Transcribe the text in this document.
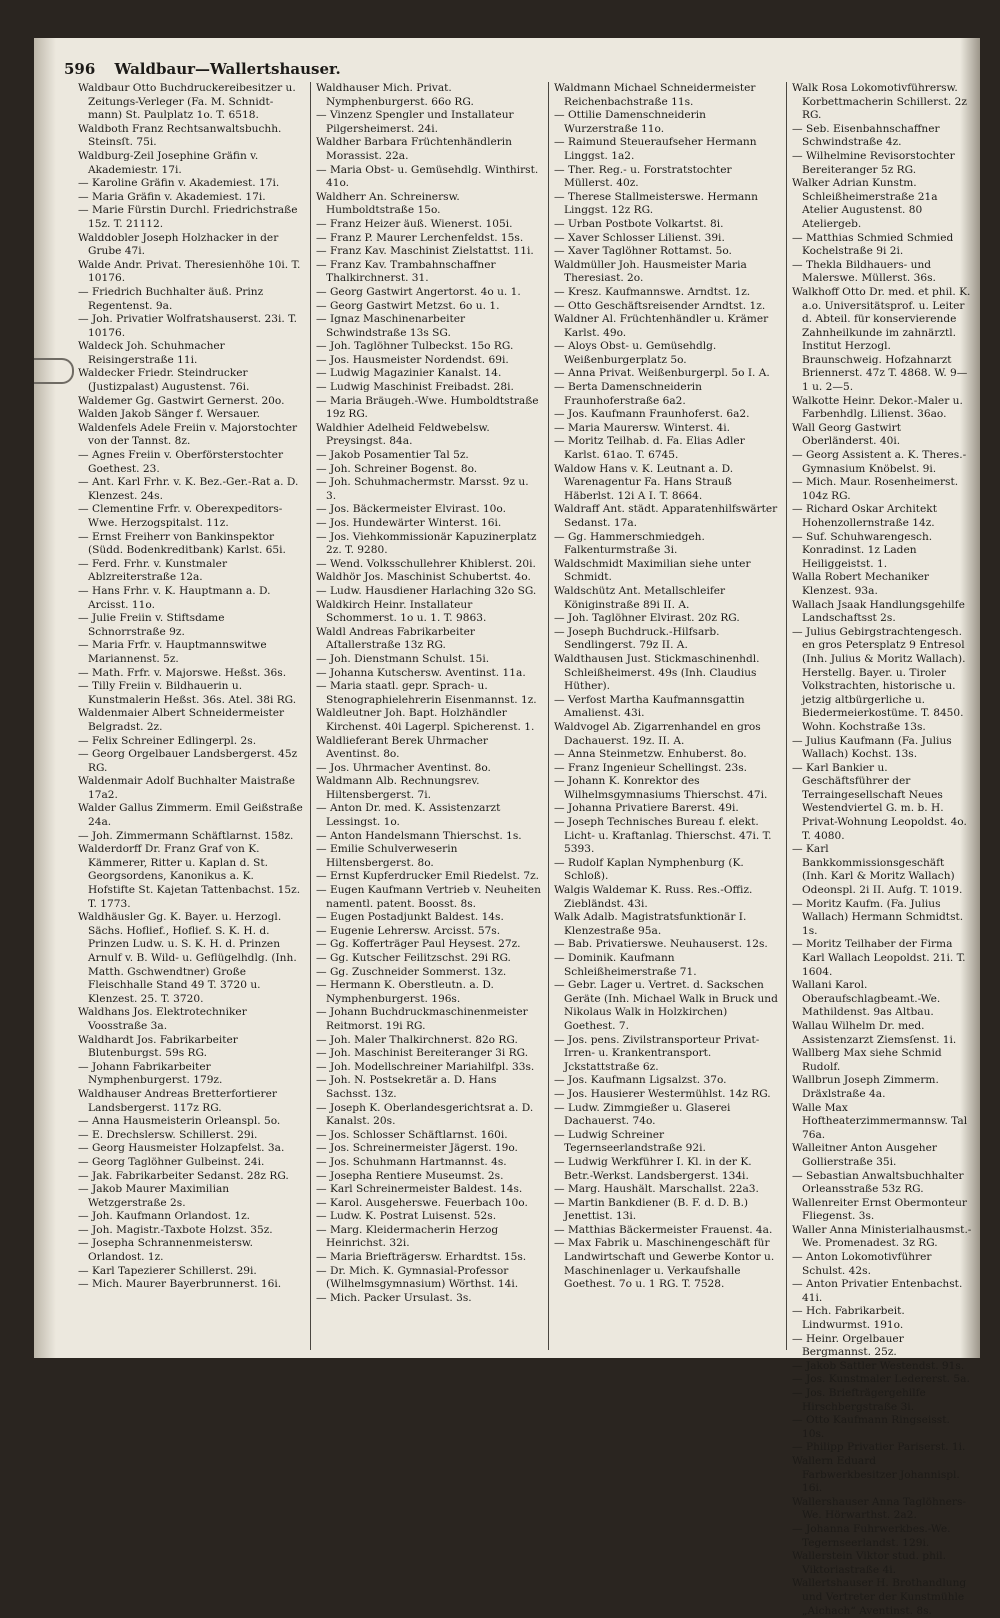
596 Waldbaur—Wallertshauser.
Waldbaur Otto Buchdruckereibesitzer u. Zeitungs-Verleger (Fa. M. Schnidt-mann) St. Paulplatz 1o. T. 6518.
Waldboth Franz Rechtsanwaltsbuchh. Steinsſt. 75i.
Waldburg-Zeil Josephine Gräfin v. Akademiestr. 17i.
— Karoline Gräfin v. Akademiest. 17i.
— Maria Gräfin v. Akademiest. 17i.
— Marie Fürstin Durchl. Friedrichstraße 15z. T. 21112.
Walddobler Joseph Holzhacker in der Grube 47i.
Walde Andr. Privat. Theresienhöhe 10i. T. 10176.
— Friedrich Buchhalter äuß. Prinz Regentenst. 9a.
— Joh. Privatier Wolfratshauserst. 23i. T. 10176.
Waldeck Joh. Schuhmacher Reisingerstraße 11i.
Waldecker Friedr. Steindrucker (Justizpalast) Augustenst. 76i.
Waldemer Gg. Gastwirt Gernerst. 20o.
Walden Jakob Sänger f. Wersauer.
Waldenfels Adele Freiin v. Majorstochter von der Tannst. 8z.
— Agnes Freiin v. Oberförsterstochter Goethest. 23.
— Ant. Karl Frhr. v. K. Bez.-Ger.-Rat a. D. Klenzest. 24s.
— Clementine Frfr. v. Oberexpeditors-Wwe. Herzogspitalst. 11z.
— Ernst Freiherr von Bankinspektor (Südd. Bodenkreditbank) Karlst. 65i.
— Ferd. Frhr. v. Kunstmaler Ablzreiterstraße 12a.
— Hans Frhr. v. K. Hauptmann a. D. Arcisst. 11o.
— Julie Freiin v. Stiftsdame Schnorrstraße 9z.
— Maria Frfr. v. Hauptmannswitwe Mariannenst. 5z.
— Math. Frfr. v. Majorswe. Heßst. 36s.
— Tilly Freiin v. Bildhauerin u. Kunstmalerin Heßst. 36s. Atel. 38i RG.
Waldenmaier Albert Schneidermeister Belgradst. 2z.
— Felix Schreiner Edlingerpl. 2s.
— Georg Orgelbauer Landsbergerst. 45z RG.
Waldenmair Adolf Buchhalter Maistraße 17a2.
Walder Gallus Zimmerm. Emil Geißstraße 24a.
— Joh. Zimmermann Schäftlarnst. 158z.
Walderdorff Dr. Franz Graf von K. Kämmerer, Ritter u. Kaplan d. St. Georgsordens, Kanonikus a. K. Hofstifte St. Kajetan Tattenbachst. 15z. T. 1773.
Waldhäusler Gg. K. Bayer. u. Herzogl. Sächs. Hoflief., Hoflief. S. K. H. d. Prinzen Ludw. u. S. K. H. d. Prinzen Arnulf v. B. Wild- u. Geflügelhdlg. (Inh. Matth. Gschwendtner) Große Fleischhalle Stand 49 T. 3720 u. Klenzest. 25. T. 3720.
Waldhans Jos. Elektrotechniker Voosstraße 3a.
Waldhardt Jos. Fabrikarbeiter Blutenburgst. 59s RG.
— Johann Fabrikarbeiter Nymphenburgerst. 179z.
Waldhauser Andreas Bretterfortierer Landsbergerst. 117z RG.
— Anna Hausmeisterin Orleanspl. 5o.
— E. Drechslersw. Schillerst. 29i.
— Georg Hausmeister Holzapfelst. 3a.
— Georg Taglöhner Gulbeinst. 24i.
— Jak. Fabrikarbeiter Sedanst. 28z RG.
— Jakob Maurer Maximilian Wetzgerstraße 2s.
— Joh. Kaufmann Orlandost. 1z.
— Joh. Magistr.-Taxbote Holzst. 35z.
— Josepha Schrannenmeistersw. Orlandost. 1z.
— Karl Tapezierer Schillerst. 29i.
— Mich. Maurer Bayerbrunnerst. 16i.
Waldhauser Mich. Privat. Nymphenburgerst. 66o RG.
— Vinzenz Spengler und Installateur Pilgersheimerst. 24i.
Waldher Barbara Früchtenhändlerin Morassist. 22a.
— Maria Obst- u. Gemüsehdlg. Winthirst. 41o.
Waldherr An. Schreinersw. Humboldtstraße 15o.
— Franz Heizer äuß. Wienerst. 105i.
— Franz P. Maurer Lerchenfeldst. 15s.
— Franz Kav. Maschinist Zielstattst. 11i.
— Franz Kav. Trambahnschaffner Thalkirchnerst. 31.
— Georg Gastwirt Angertorst. 4o u. 1.
— Georg Gastwirt Metzst. 6o u. 1.
— Ignaz Maschinenarbeiter Schwindstraße 13s SG.
— Joh. Taglöhner Tulbeckst. 15o RG.
— Jos. Hausmeister Nordendst. 69i.
— Ludwig Magazinier Kanalst. 14.
— Ludwig Maschinist Freibadst. 28i.
— Maria Bräugeh.-Wwe. Humboldtstraße 19z RG.
Waldhier Adelheid Feldwebelsw. Preysingst. 84a.
— Jakob Posamentier Tal 5z.
— Joh. Schreiner Bogenst. 8o.
— Joh. Schuhmachermstr. Marsst. 9z u. 3.
— Jos. Bäckermeister Elvirast. 10o.
— Jos. Hundewärter Winterst. 16i.
— Jos. Viehkommissionär Kapuzinerplatz 2z. T. 9280.
— Wend. Volksschullehrer Khiblerst. 20i.
Waldhör Jos. Maschinist Schubertst. 4o.
— Ludw. Hausdiener Harlaching 32o SG.
Waldkirch Heinr. Installateur Schommerst. 1o u. 1. T. 9863.
Waldl Andreas Fabrikarbeiter Aſtallerstraße 13z RG.
— Joh. Dienstmann Schulst. 15i.
— Johanna Kutschersw. Aventinst. 11a.
— Maria staatl. gepr. Sprach- u. Stenographielehrerin Eisenmannst. 1z.
Waldleutner Joh. Bapt. Holzhändler Kirchenst. 40i Lagerpl. Spicherenst. 1.
Waldlieferant Berek Uhrmacher Aventinst. 8o.
— Jos. Uhrmacher Aventinst. 8o.
Waldmann Alb. Rechnungsrev. Hiltensbergerst. 7i.
— Anton Dr. med. K. Assistenzarzt Lessingst. 1o.
— Anton Handelsmann Thierschst. 1s.
— Emilie Schulverweserin Hiltensbergerst. 8o.
— Ernst Kupferdrucker Emil Riedelst. 7z.
— Eugen Kaufmann Vertrieb v. Neuheiten namentl. patent. Boosst. 8s.
— Eugen Postadjunkt Baldest. 14s.
— Eugenie Lehrersw. Arcisst. 57s.
— Gg. Kofferträger Paul Heysest. 27z.
— Gg. Kutscher Feilitzschst. 29i RG.
— Gg. Zuschneider Sommerst. 13z.
— Hermann K. Oberstleutn. a. D. Nymphenburgerst. 196s.
— Johann Buchdruckmaschinenmeister Reitmorst. 19i RG.
— Joh. Maler Thalkirchnerst. 82o RG.
— Joh. Maschinist Bereiteranger 3i RG.
— Joh. Modellschreiner Mariahilfpl. 33s.
— Joh. N. Postsekretär a. D. Hans Sachsst. 13z.
— Joseph K. Oberlandesgerichtsrat a. D. Kanalst. 20s.
— Jos. Schlosser Schäftlarnst. 160i.
— Jos. Schreinermeister Jägerst. 19o.
— Jos. Schuhmann Hartmannst. 4s.
— Josepha Rentiere Museumst. 2s.
— Karl Schreinermeister Baldest. 14s.
— Karol. Ausgeherswe. Feuerbach 10o.
— Ludw. K. Postrat Luisenst. 52s.
— Marg. Kleidermacherin Herzog Heinrichst. 32i.
— Maria Briefträgersw. Erhardtst. 15s.
— Dr. Mich. K. Gymnasial-Professor (Wilhelmsgymnasium) Wörthst. 14i.
— Mich. Packer Ursulast. 3s.
Waldmann Michael Schneidermeister Reichenbachstraße 11s.
— Ottilie Damenschneiderin Wurzerstraße 11o.
— Raimund Steueraufseher Hermann Linggst. 1a2.
— Ther. Reg.- u. Forstratstochter Müllerst. 40z.
— Therese Stallmeisterswe. Hermann Linggst. 12z RG.
— Urban Postbote Volkartst. 8i.
— Xaver Schlosser Lilienst. 39i.
— Xaver Taglöhner Rottamst. 5o.
Waldmüller Joh. Hausmeister Maria Theresiast. 2o.
— Kresz. Kaufmannswe. Arndtst. 1z.
— Otto Geschäftsreisender Arndtst. 1z.
Waldner Al. Früchtenhändler u. Krämer Karlst. 49o.
— Aloys Obst- u. Gemüsehdlg. Weißenburgerplatz 5o.
— Anna Privat. Weißenburgerpl. 5o I. A.
— Berta Damenschneiderin Fraunhoferstraße 6a2.
— Jos. Kaufmann Fraunhoferst. 6a2.
— Maria Maurersw. Winterst. 4i.
— Moritz Teilhab. d. Fa. Elias Adler Karlst. 61ao. T. 6745.
Waldow Hans v. K. Leutnant a. D. Warenagentur Fa. Hans Strauß Häberlst. 12i A I. T. 8664.
Waldraff Ant. städt. Apparatenhilfswärter Sedanst. 17a.
— Gg. Hammerschmiedgeh. Falkenturmstraße 3i.
Waldschmidt Maximilian siehe unter Schmidt.
Waldschütz Ant. Metallschleifer Königinstraße 89i II. A.
— Joh. Taglöhner Elvirast. 20z RG.
— Joseph Buchdruck.-Hilfsarb. Sendlingerst. 79z II. A.
Waldthausen Just. Stickmaschinenhdl. Schleißheimerst. 49s (Inh. Claudius Hüther).
— Verfost Martha Kaufmannsgattin Amalienst. 43i.
Waldvogel Ab. Zigarrenhandel en gros Dachauerst. 19z. II. A.
— Anna Steinmetzw. Enhuberst. 8o.
— Franz Ingenieur Schellingst. 23s.
— Johann K. Konrektor des Wilhelmsgymnasiums Thierschst. 47i.
— Johanna Privatiere Barerst. 49i.
— Joseph Technisches Bureau f. elekt. Licht- u. Kraftanlag. Thierschst. 47i. T. 5393.
— Rudolf Kaplan Nymphenburg (K. Schloß).
Walgis Waldemar K. Russ. Res.-Offiz. Ziebländst. 43i.
Walk Adalb. Magistratsfunktionär I. Klenzestraße 95a.
— Bab. Privatierswe. Neuhauserst. 12s.
— Dominik. Kaufmann Schleißheimerstraße 71.
— Gebr. Lager u. Vertret. d. Sackschen Geräte (Inh. Michael Walk in Bruck und Nikolaus Walk in Holzkirchen) Goethest. 7.
— Jos. pens. Zivilstransporteur Privat-Irren- u. Krankentransport. Jckstattstraße 6z.
— Jos. Kaufmann Ligsalzst. 37o.
— Jos. Hausierer Westermühlst. 14z RG.
— Ludw. Zimmgießer u. Glaserei Dachauerst. 74o.
— Ludwig Schreiner Tegernseerlandstraße 92i.
— Ludwig Werkführer I. Kl. in der K. Betr.-Werkst. Landsbergerst. 134i.
— Marg. Haushält. Marschallst. 22a3.
— Martin Bankdiener (B. F. d. D. B.) Jenettist. 13i.
— Matthias Bäckermeister Frauenst. 4a.
— Max Fabrik u. Maschinengeschäft für Landwirtschaft und Gewerbe Kontor u. Maschinenlager u. Verkaufshalle Goethest. 7o u. 1 RG. T. 7528.
Walk Rosa Lokomotivführersw. Korbettmacherin Schillerst. 2z RG.
— Seb. Eisenbahnschaffner Schwindstraße 4z.
— Wilhelmine Revisorstochter Bereiteranger 5z RG.
Walker Adrian Kunstm. Schleißheimerstraße 21a Atelier Augustenst. 80 Ateliergeb.
— Matthias Schmied Schmied Kochelstraße 9i 2i.
— Thekla Bildhauers- und Malerswe. Müllerst. 36s.
Walkhoff Otto Dr. med. et phil. K. a.o. Universitätsprof. u. Leiter d. Abteil. für konservierende Zahnheilkunde im zahnärztl. Institut Herzogl. Braunschweig. Hofzahnarzt Briennerst. 47z T. 4868. W. 9—1 u. 2—5.
Walkotte Heinr. Dekor.-Maler u. Farbenhdlg. Lilienst. 36ao.
Wall Georg Gastwirt Oberländerst. 40i.
— Georg Assistent a. K. Theres.-Gymnasium Knöbelst. 9i.
— Mich. Maur. Rosenheimerst. 104z RG.
— Richard Oskar Architekt Hohenzollernstraße 14z.
— Suf. Schuhwarengesch. Konradinst. 1z Laden Heiliggeistst. 1.
Walla Robert Mechaniker Klenzest. 93a.
Wallach Jsaak Handlungsgehilfe Landschaftsst 2s.
— Julius Gebirgstrachtengesch. en gros Petersplatz 9 Entresol (Inh. Julius & Moritz Wallach). Herstellg. Bayer. u. Tiroler Volkstrachten, historische u. jetzig altbürgerliche u. Biedermeierkostüme. T. 8450. Wohn. Kochstraße 13s.
— Julius Kaufmann (Fa. Julius Wallach) Kochst. 13s.
— Karl Bankier u. Geschäftsführer der Terraingesellschaft Neues Westendviertel G. m. b. H. Privat-Wohnung Leopoldst. 4o. T. 4080.
— Karl Bankkommissionsgeschäft (Inh. Karl & Moritz Wallach) Odeonspl. 2i II. Aufg. T. 1019.
— Moritz Kaufm. (Fa. Julius Wallach) Hermann Schmidtst. 1s.
— Moritz Teilhaber der Firma Karl Wallach Leopoldst. 21i. T. 1604.
Wallani Karol. Oberaufschlagbeamt.-We. Mathildenst. 9as Altbau.
Wallau Wilhelm Dr. med. Assistenzarzt Ziemsſenst. 1i.
Wallberg Max siehe Schmid Rudolf.
Wallbrun Joseph Zimmerm. Dräxlstraße 4a.
Walle Max Hoftheaterzimmermannsw. Tal 76a.
Walleitner Anton Ausgeher Gollierstraße 35i.
— Sebastian Anwaltsbuchhalter Orleansstraße 53z RG.
Wallenreiter Ernst Obermonteur Fliegenst. 3s.
Waller Anna Ministerialhausmst.-We. Promenadest. 3z RG.
— Anton Lokomotivführer Schulst. 42s.
— Anton Privatier Entenbachst. 41i.
— Hch. Fabrikarbeit. Lindwurmst. 191o.
— Heinr. Orgelbauer Bergmannst. 25z.
— Jakob Sattler Westendst. 91s.
— Jos. Kunstmaler Ledererst. 5a.
— Jos. Briefträgergehilfe Hirschbergstraße 3i.
— Otto Kaufmann Ringseisst. 10s.
— Philipp Privatier Pariserst. 1i.
Wallern Eduard Farbwerkbesitzer Johannispl. 16i.
Wallershauser Anna Taglöhners-We. Hörwarthst. 2a2.
— Johanna Fuhrwerkbes.-We. Tegernseerlandst. 129i.
Wallerstein Viktor stud. phil. Viktoriastraße 4i.
Wallertshauser H. Brothandlung und Vertreter der Kunstmühle „Aichach“ Aventinst. 8s.
